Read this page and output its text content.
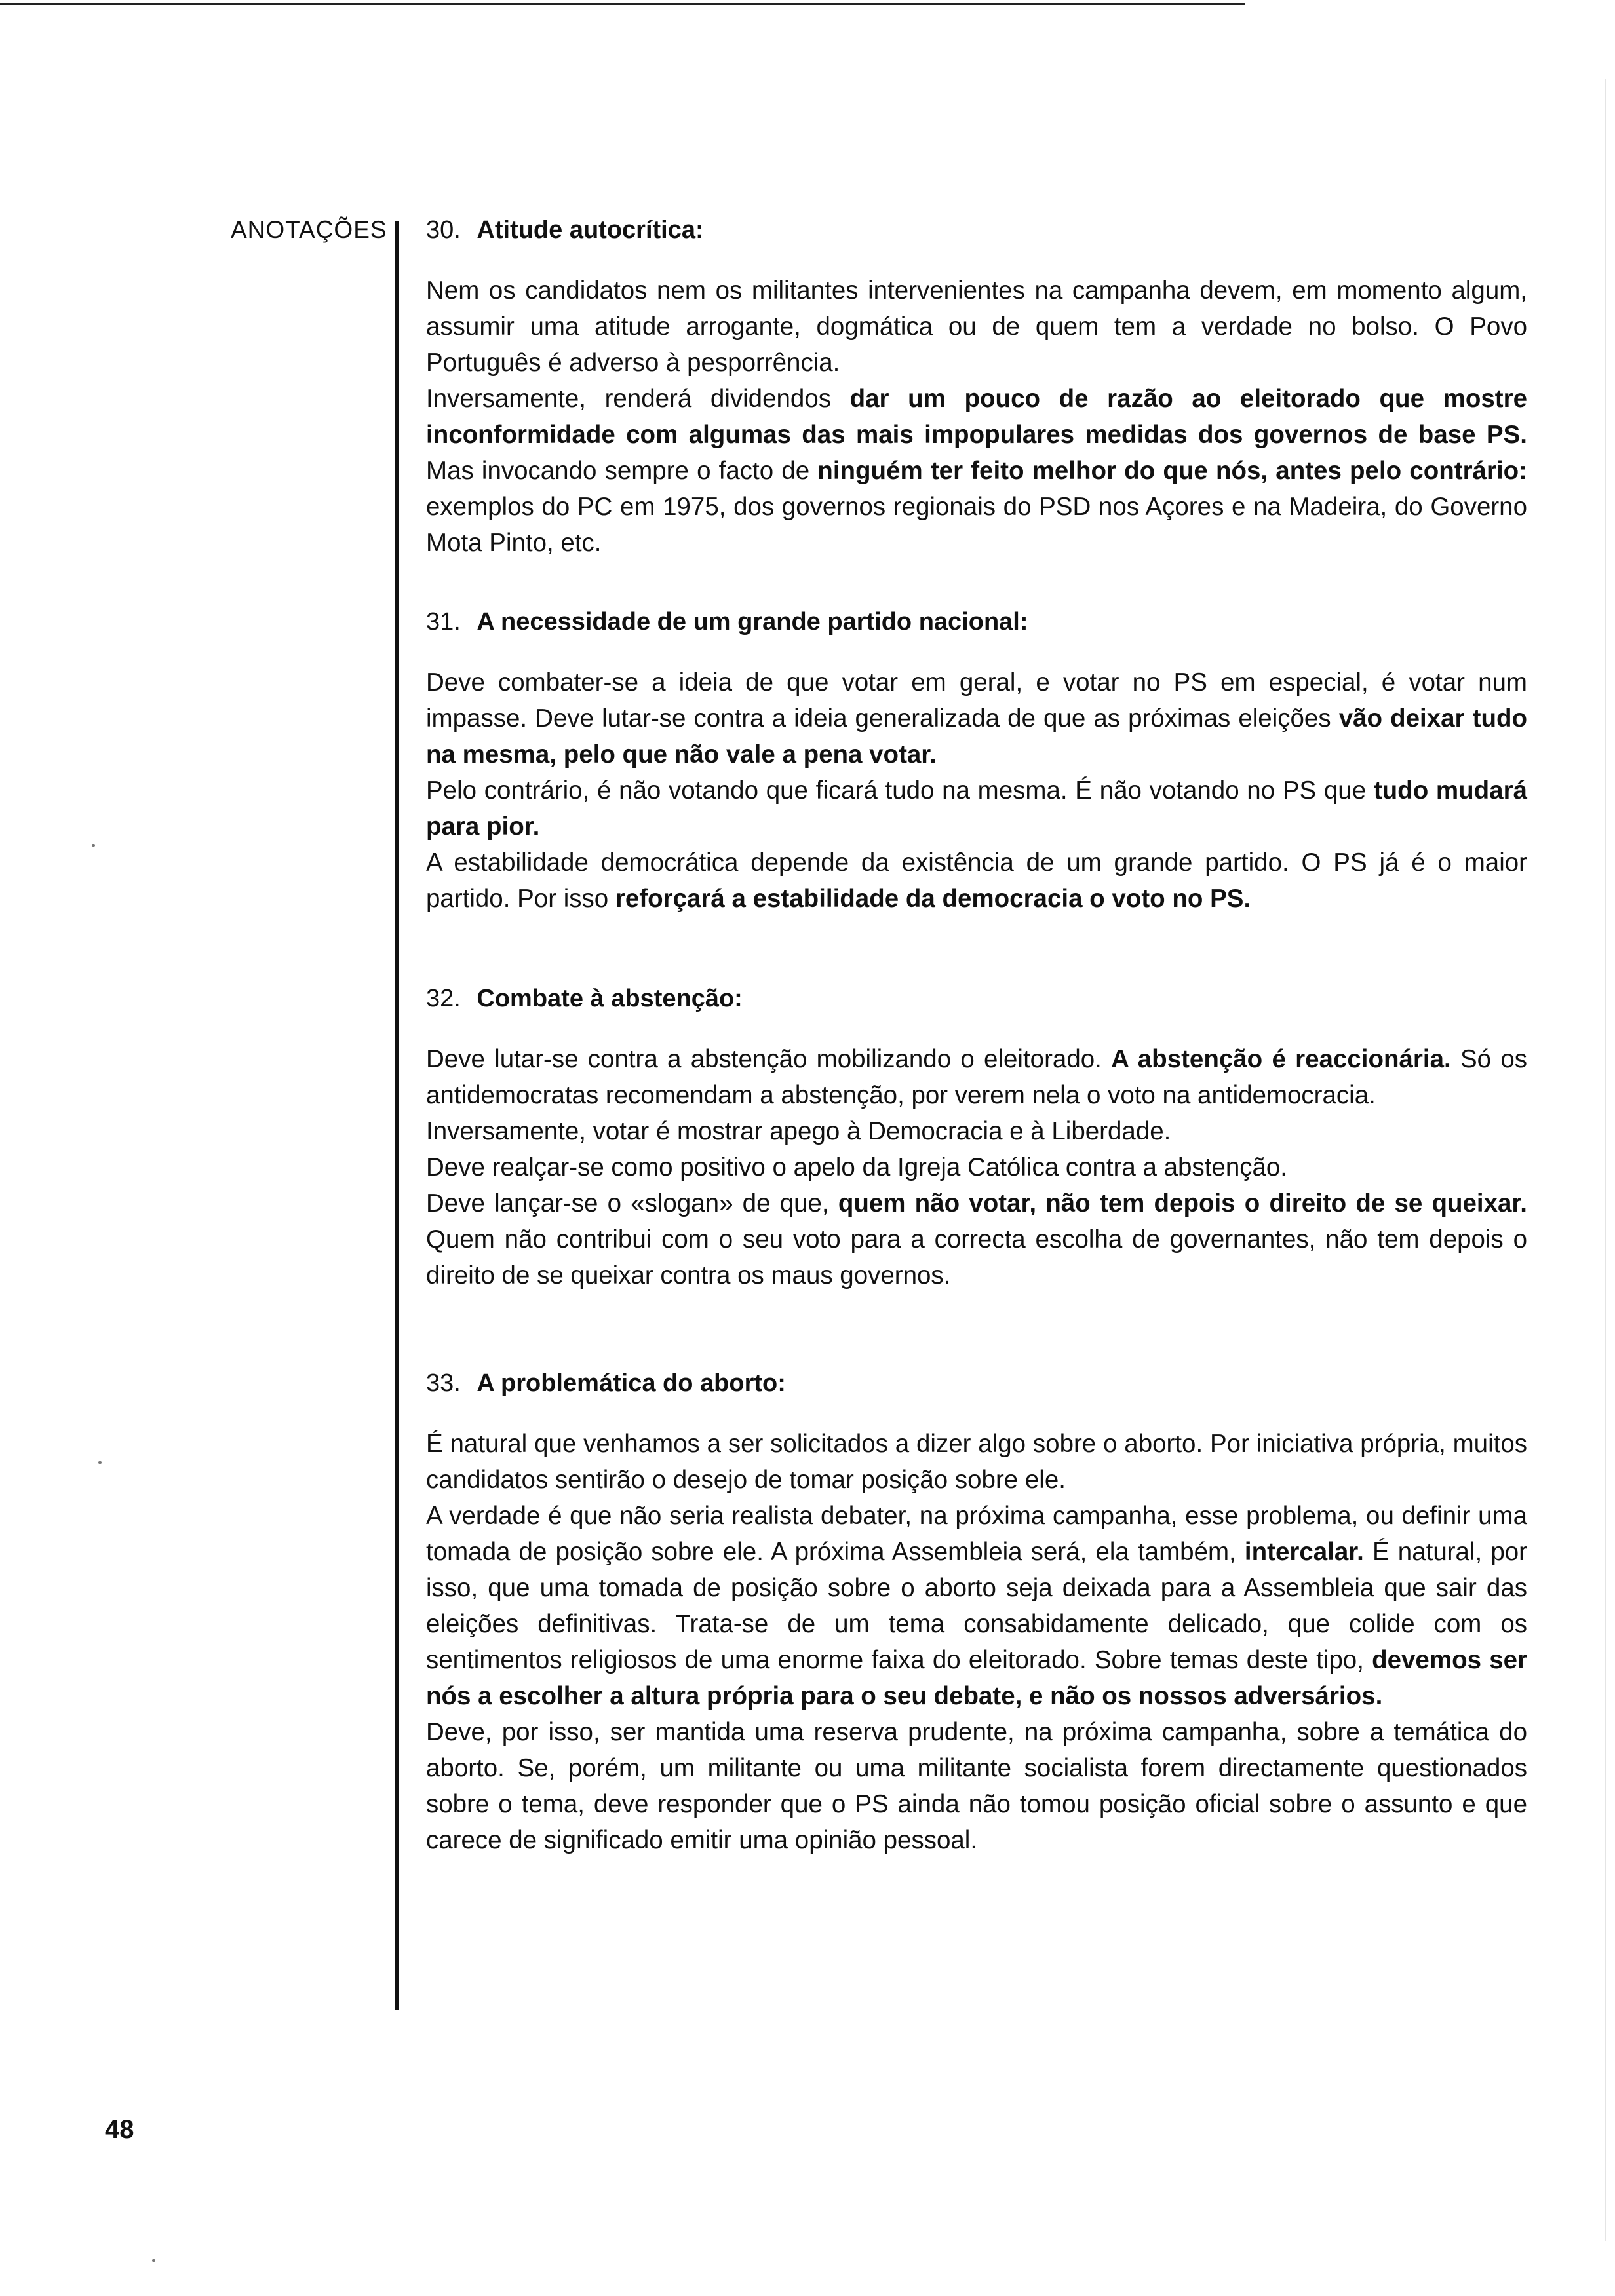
ANOTAÇÕES 30. Atitude autocrítica:

Nem os candidatos nem os militantes intervenientes na campanha devem, em momento algum, assumir uma atitude arrogante, dogmática ou de quem tem a verdade no bolso. O Povo Português é adverso à pesporrência.

Inversamente, renderá dividendos dar um pouco de razão ao eleitorado que mostre inconformidade com algumas das mais impopulares medidas dos governos de base PS. Mas invocando sempre o facto de ninguém ter feito melhor do que nós, antes pelo contrário: exemplos do PC em 1975, dos governos regionais do PSD nos Açores e na Madeira, do Governo Mota Pinto, etc.

31. A necessidade de um grande partido nacional:

Deve combater-se a ideia de que votar em geral, e votar no PS em especial, é votar num impasse. Deve lutar-se contra a ideia generalizada de que as próximas eleições vão deixar tudo na mesma, pelo que não vale a pena votar.

Pelo contrário, é não votando que ficará tudo na mesma. É não votando no PS que tudo mudará para pior.

A estabilidade democrática depende da existência de um grande partido. O PS já é o maior partido. Por isso reforçará a estabilidade da democracia o voto no PS.

32. Combate à abstenção:

Deve lutar-se contra a abstenção mobilizando o eleitorado. A abstenção é reaccionária. Só os antidemocratas recomendam a abstenção, por verem nela o voto na antidemocracia.

Inversamente, votar é mostrar apego à Democracia e à Liberdade.

Deve realçar-se como positivo o apelo da Igreja Católica contra a abstenção.

Deve lançar-se o «slogan» de que, quem não votar, não tem depois o direito de se queixar. Quem não contribui com o seu voto para a correcta escolha de governantes, não tem depois o direito de se queixar contra os maus governos.

33. A problemática do aborto:

É natural que venhamos a ser solicitados a dizer algo sobre o aborto. Por iniciativa própria, muitos candidatos sentirão o desejo de tomar posição sobre ele.

A verdade é que não seria realista debater, na próxima campanha, esse problema, ou definir uma tomada de posição sobre ele. A próxima Assembleia será, ela também, intercalar. É natural, por isso, que uma tomada de posição sobre o aborto seja deixada para a Assembleia que sair das eleições definitivas. Trata-se de um tema consabidamente delicado, que colide com os sentimentos religiosos de uma enorme faixa do eleitorado. Sobre temas deste tipo, devemos ser nós a escolher a altura própria para o seu debate, e não os nossos adversários.

Deve, por isso, ser mantida uma reserva prudente, na próxima campanha, sobre a temática do aborto. Se, porém, um militante ou uma militante socialista forem directamente questionados sobre o tema, deve responder que o PS ainda não tomou posição oficial sobre o assunto e que carece de significado emitir uma opinião pessoal.

48
